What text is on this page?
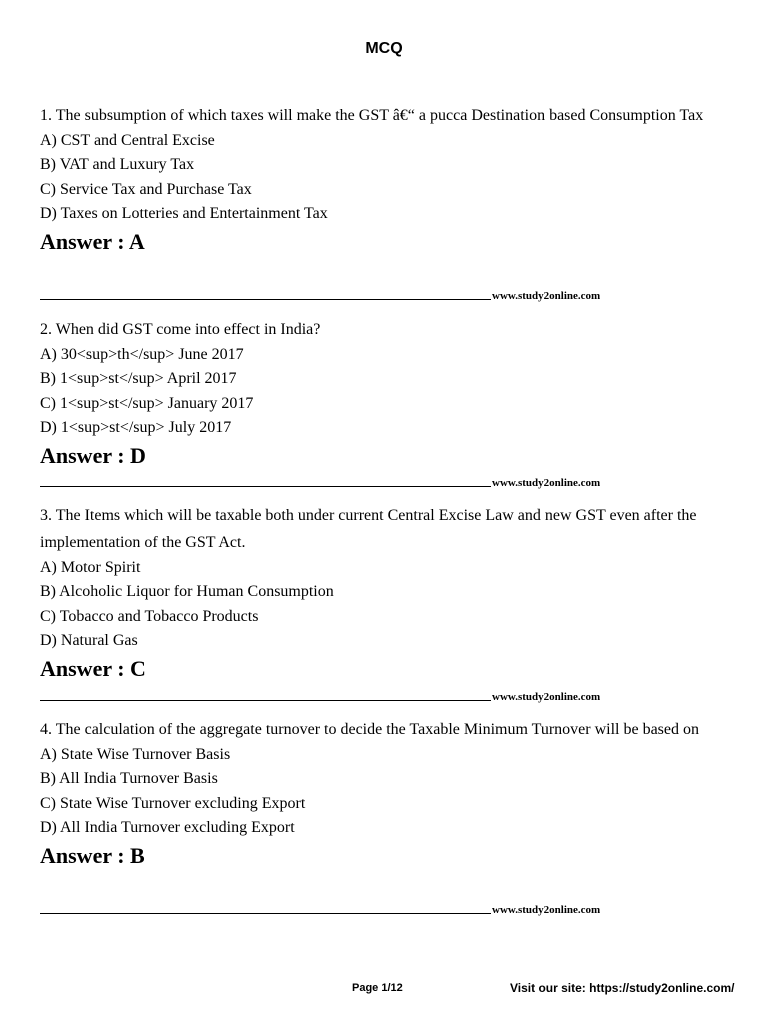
MCQ
1. The subsumption of which taxes will make the GST â€“ a pucca Destination based Consumption Tax
A) CST and Central Excise
B) VAT and Luxury Tax
C) Service Tax and Purchase Tax
D) Taxes on Lotteries and Entertainment Tax
Answer : A
www.study2online.com
2. When did GST come into effect in India?
A) 30<sup>th</sup> June 2017
B) 1<sup>st</sup> April 2017
C) 1<sup>st</sup> January 2017
D) 1<sup>st</sup> July 2017
Answer : D
www.study2online.com
3. The Items which will be taxable both under current Central Excise Law and new GST even after the implementation of the GST Act.
A) Motor Spirit
B) Alcoholic Liquor for Human Consumption
C) Tobacco and Tobacco Products
D) Natural Gas
Answer : C
www.study2online.com
4. The calculation of the aggregate turnover to decide the Taxable Minimum Turnover will be based on
A) State Wise Turnover Basis
B) All India Turnover Basis
C) State Wise Turnover excluding Export
D) All India Turnover excluding Export
Answer : B
www.study2online.com
Page 1/12	Visit our site: https://study2online.com/
